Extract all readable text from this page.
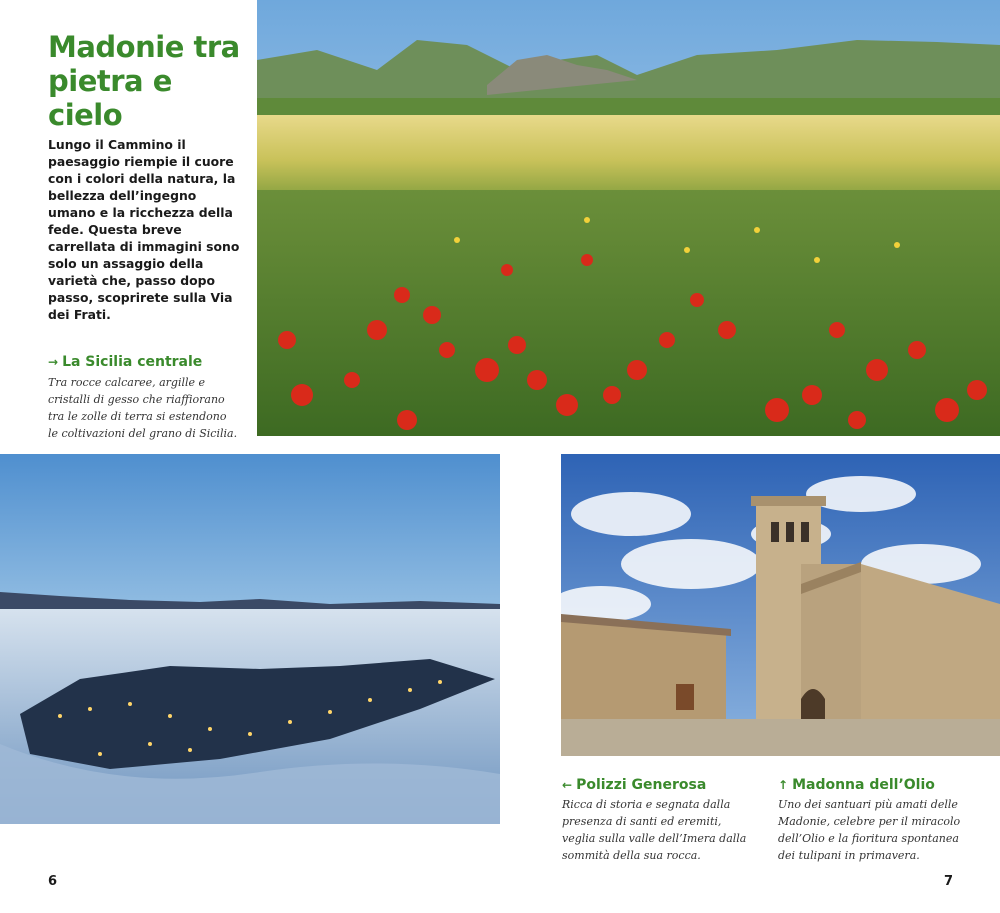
Madonie tra pietra e cielo
Lungo il Cammino il paesaggio riempie il cuore con i colori della natura, la bellezza dell’ingegno umano e la ricchezza della fede. Questa breve carrellata di immagini sono solo un assaggio della varietà che, passo dopo passo, scoprirete sulla Via dei Frati.
→ La Sicilia centrale
Tra rocce calcaree, argille e cristalli di gesso che riaffiorano tra le zolle di terra si estendono le coltivazioni del grano di Sicilia.
← Polizzi Generosa
Ricca di storia e segnata dalla presenza di santi ed eremiti, veglia sulla valle dell’Imera dalla sommità della sua rocca.
↑ Madonna dell’Olio
Uno dei santuari più amati delle Madonie, celebre per il miracolo dell’Olio e la fioritura spontanea dei tulipani in primavera.
6	7
